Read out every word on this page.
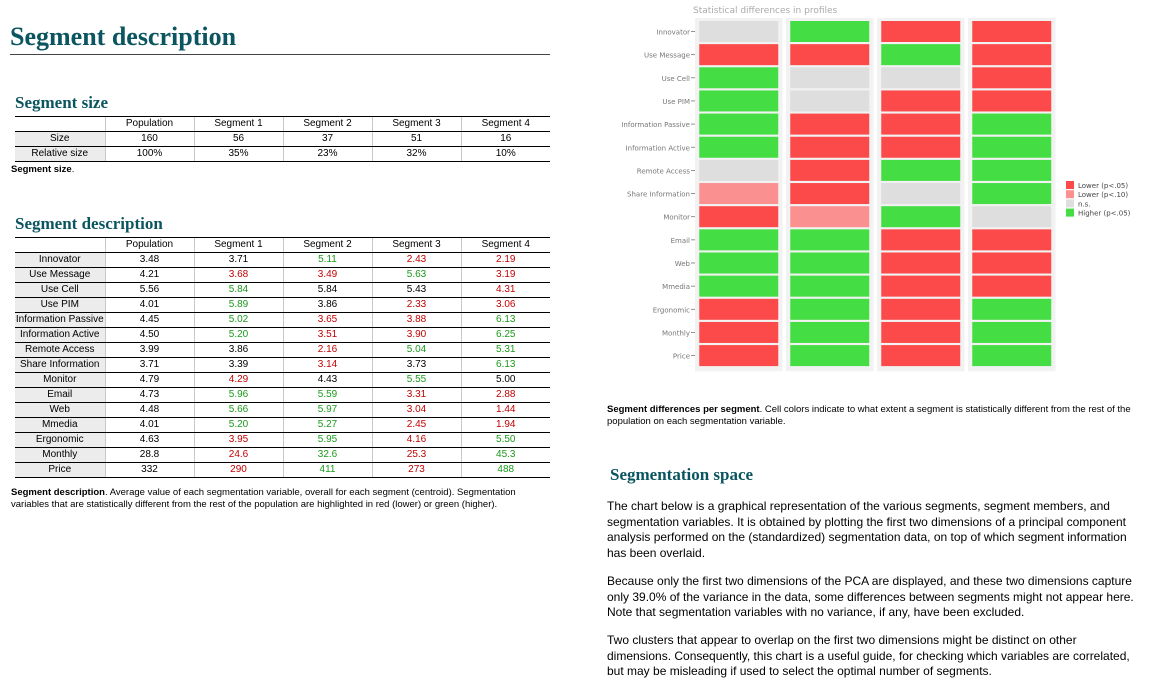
Segment description
Segment size
	Population	Segment 1	Segment 2	Segment 3	Segment 4
Size	160	56	37	51	16
Relative size	100%	35%	23%	32%	10%

Segment size.

Segment description
	Population	Segment 1	Segment 2	Segment 3	Segment 4
Innovator	3.48	3.71	5.11	2.43	2.19
Use Message	4.21	3.68	3.49	5.63	3.19
Use Cell	5.56	5.84	5.84	5.43	4.31
Use PIM	4.01	5.89	3.86	2.33	3.06
Information Passive	4.45	5.02	3.65	3.88	6.13
Information Active	4.50	5.20	3.51	3.90	6.25
Remote Access	3.99	3.86	2.16	5.04	5.31
Share Information	3.71	3.39	3.14	3.73	6.13
Monitor	4.79	4.29	4.43	5.55	5.00
Email	4.73	5.96	5.59	3.31	2.88
Web	4.48	5.66	5.97	3.04	1.44
Mmedia	4.01	5.20	5.27	2.45	1.94
Ergonomic	4.63	3.95	5.95	4.16	5.50
Monthly	28.8	24.6	32.6	25.3	45.3
Price	332	290	411	273	488

Segment description. Average value of each segmentation variable, overall for each segment (centroid). Segmentation variables that are statistically different from the rest of the population are highlighted in red (lower) or green (higher).

Statistical differences in profiles
Innovator
Use Message
Use Cell
Use PIM
Information Passive
Information Active
Remote Access
Share Information
Monitor
Email
Web
Mmedia
Ergonomic
Monthly
Price
Lower (p<.05)
Lower (p<.10)
n.s.
Higher (p<.05)

Segment differences per segment. Cell colors indicate to what extent a segment is statistically different from the rest of the population on each segmentation variable.

Segmentation space

The chart below is a graphical representation of the various segments, segment members, and segmentation variables. It is obtained by plotting the first two dimensions of a principal component analysis performed on the (standardized) segmentation data, on top of which segment information has been overlaid.

Because only the first two dimensions of the PCA are displayed, and these two dimensions capture only 39.0% of the variance in the data, some differences between segments might not appear here. Note that segmentation variables with no variance, if any, have been excluded.

Two clusters that appear to overlap on the first two dimensions might be distinct on other dimensions. Consequently, this chart is a useful guide, for checking which variables are correlated, but may be misleading if used to select the optimal number of segments.
